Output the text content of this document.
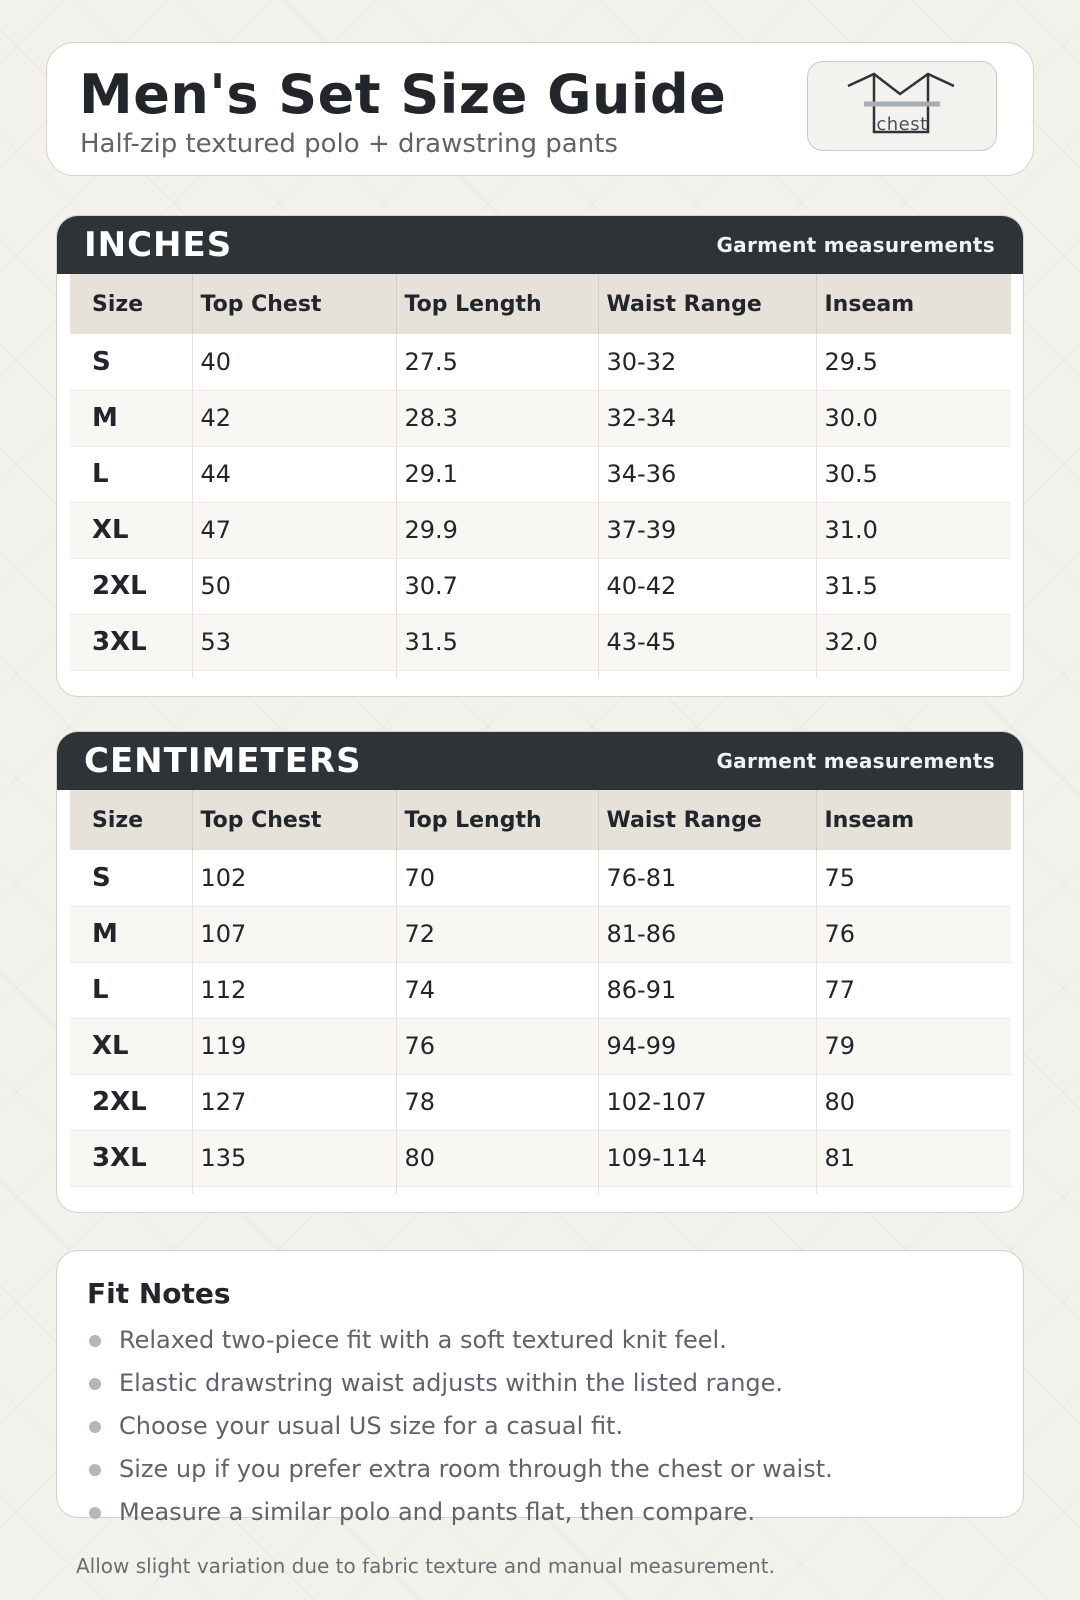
Men's Set Size Guide
Half-zip textured polo + drawstring pants
chest
INCHES	Garment measurements
Size	Top Chest	Top Length	Waist Range	Inseam
S	40	27.5	30-32	29.5
M	42	28.3	32-34	30.0
L	44	29.1	34-36	30.5
XL	47	29.9	37-39	31.0
2XL	50	30.7	40-42	31.5
3XL	53	31.5	43-45	32.0

CENTIMETERS	Garment measurements
Size	Top Chest	Top Length	Waist Range	Inseam
S	102	70	76-81	75
M	107	72	81-86	76
L	112	74	86-91	77
XL	119	76	94-99	79
2XL	127	78	102-107	80
3XL	135	80	109-114	81

Fit Notes
Relaxed two-piece fit with a soft textured knit feel.
Elastic drawstring waist adjusts within the listed range.
Choose your usual US size for a casual fit.
Size up if you prefer extra room through the chest or waist.
Measure a similar polo and pants flat, then compare.
Allow slight variation due to fabric texture and manual measurement.
